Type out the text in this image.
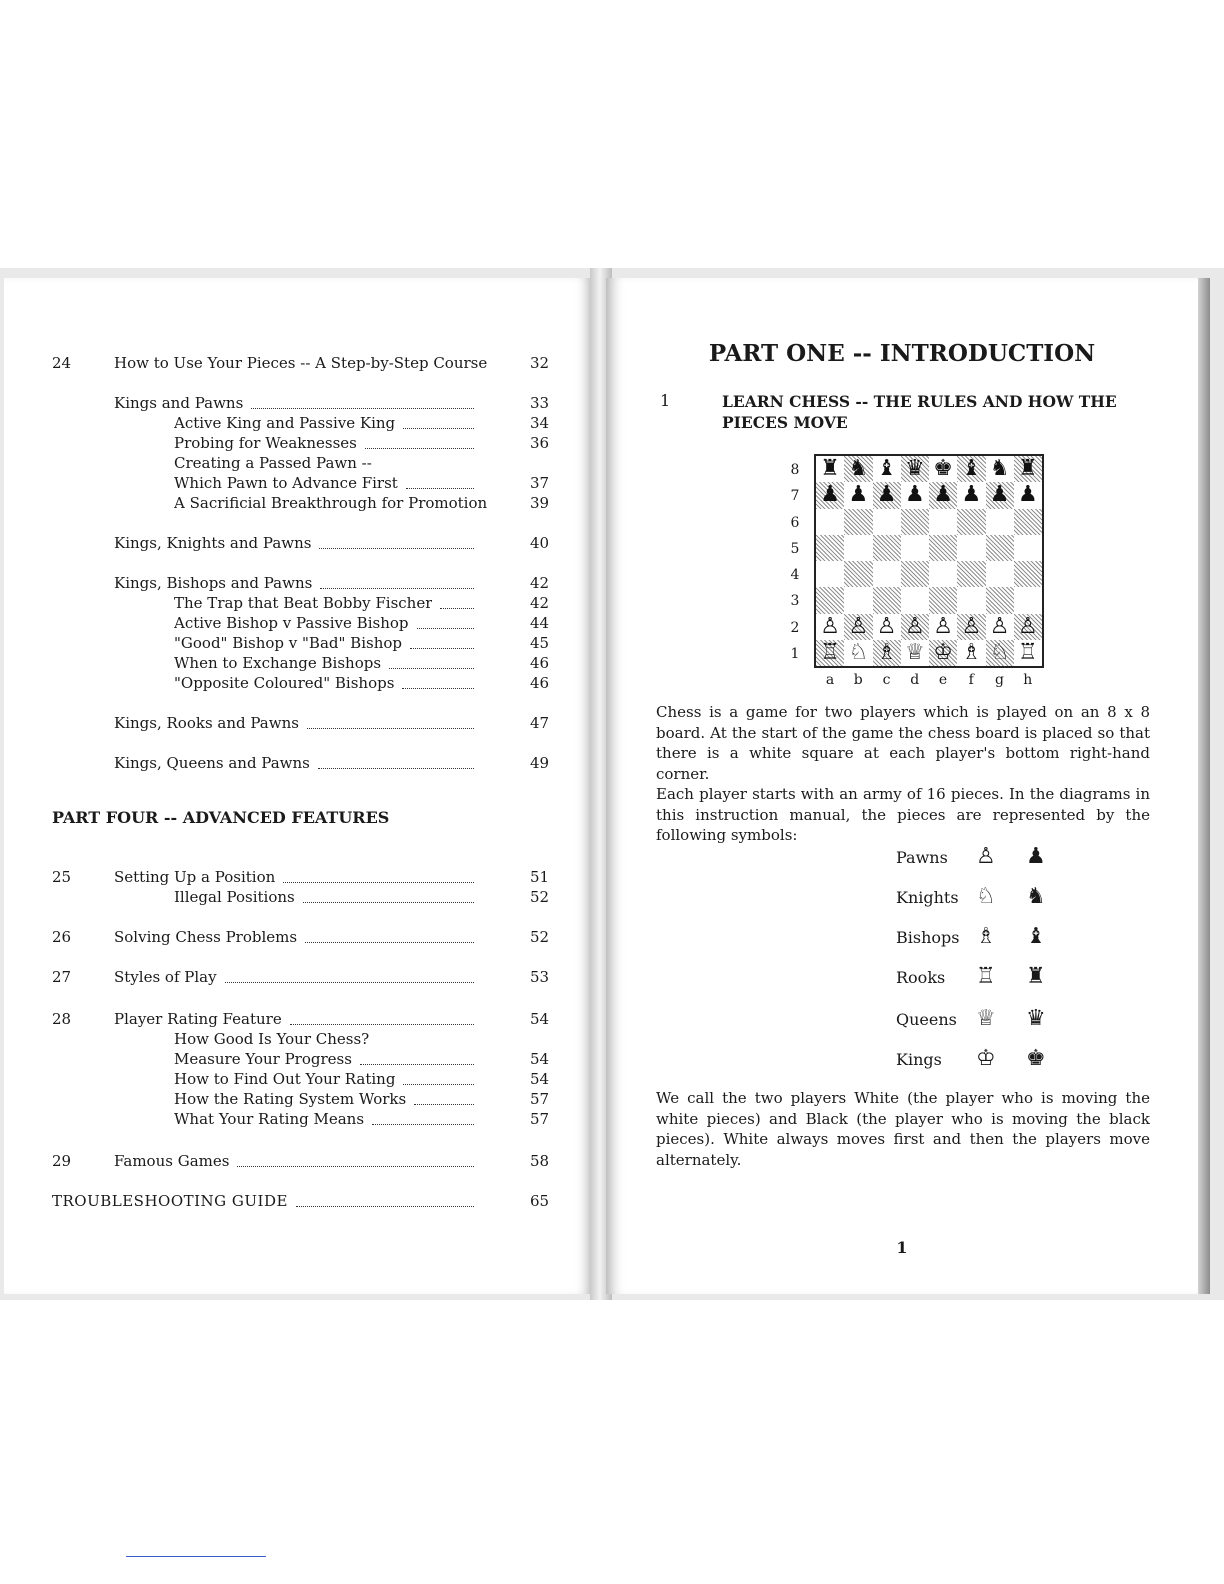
PART FOUR -- ADVANCED FEATURES
24	How to Use Your Pieces -- A Step-by-Step Course	32
Kings and Pawns	33
Active King and Passive King	34
Probing for Weaknesses	36
Creating a Passed Pawn --
Which Pawn to Advance First	37
A Sacrificial Breakthrough for Promotion	39
Kings, Knights and Pawns	40
Kings, Bishops and Pawns	42
The Trap that Beat Bobby Fischer	42
Active Bishop v Passive Bishop	44
"Good" Bishop v "Bad" Bishop	45
When to Exchange Bishops	46
"Opposite Coloured" Bishops	46
Kings, Rooks and Pawns	47
Kings, Queens and Pawns	49
25	Setting Up a Position	51
Illegal Positions	52
26	Solving Chess Problems	52
27	Styles of Play	53
28	Player Rating Feature	54
How Good Is Your Chess?
Measure Your Progress	54
How to Find Out Your Rating	54
How the Rating System Works	57
What Your Rating Means	57
29	Famous Games	58
TROUBLESHOOTING GUIDE	65
PART ONE -- INTRODUCTION
1	LEARN CHESS -- THE RULES AND HOW THE PIECES MOVE
♜ ♞ ♝ ♛ ♚ ♝ ♞ ♜
♟ ♟ ♟ ♟ ♟ ♟ ♟ ♟
♙ ♙ ♙ ♙ ♙ ♙ ♙ ♙
♖ ♘ ♗ ♕ ♔ ♗ ♘ ♖
8
7
6
5
4
3
2
1
a	b	c	d	e	f	g	h
Chess is a game for two players which is played on an 8 x 8 board. At the start of the game the chess board is placed so that there is a white square at each player's bottom right-hand corner.
Each player starts with an army of 16 pieces. In the diagrams in this instruction manual, the pieces are represented by the following symbols:
Pawns ♙ ♟
Knights ♘ ♞
Bishops ♗ ♝
Rooks ♖ ♜
Queens ♕ ♛
Kings ♔ ♚
We call the two players White (the player who is moving the white pieces) and Black (the player who is moving the black pieces). White always moves first and then the players move alternately.
1
